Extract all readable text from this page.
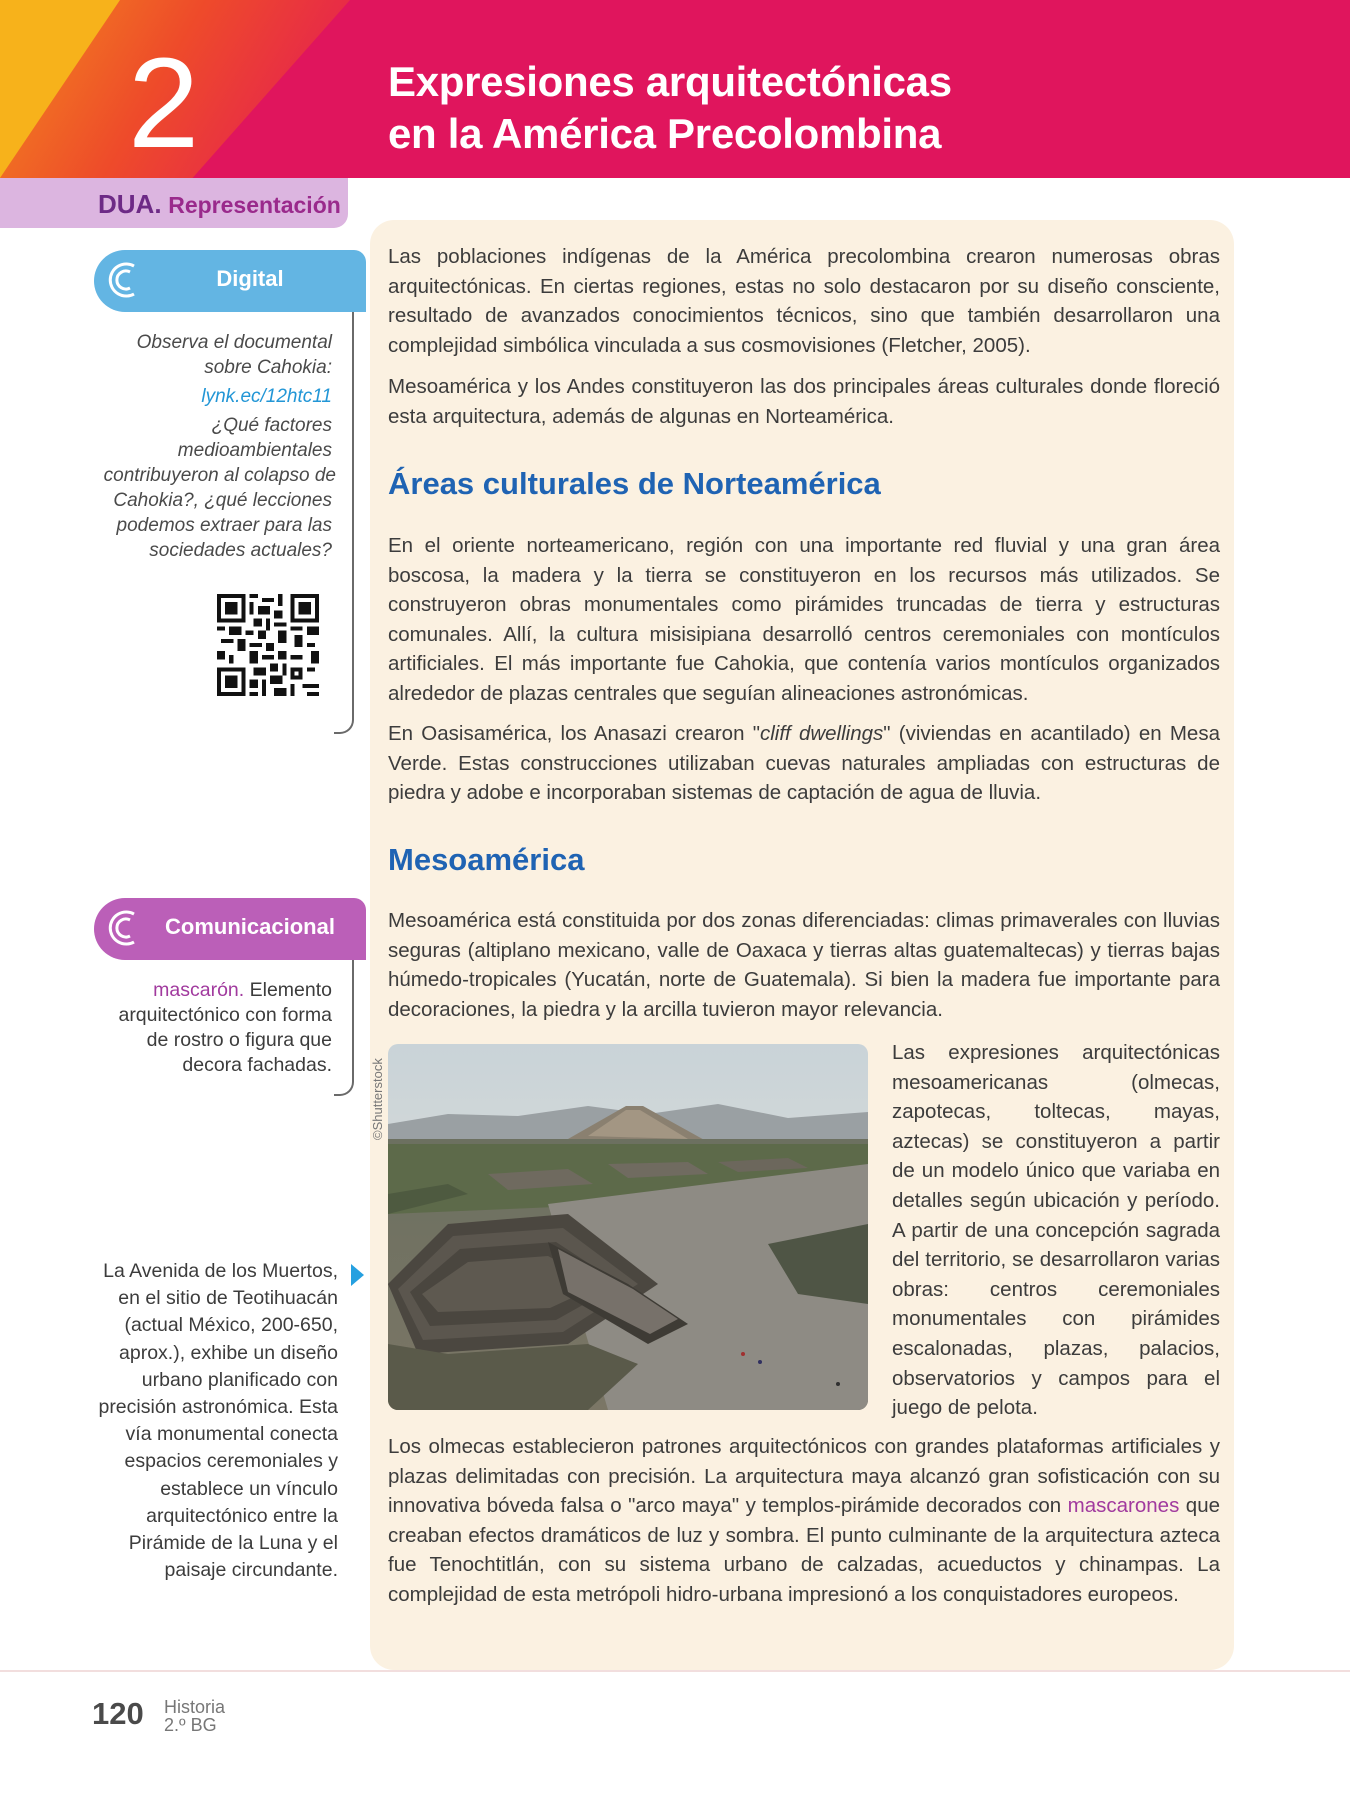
2	Expresiones arquitectónicas
en la América Precolombina
DUA. Representación
Digital
Observa el documental
sobre Cahokia:
lynk.ec/12htc11
¿Qué factores
medioambientales
contribuyeron al colapso de
Cahokia?, ¿qué lecciones
podemos extraer para las
sociedades actuales?
Comunicacional
mascarón. Elemento
arquitectónico con forma
de rostro o figura que
decora fachadas.

Las poblaciones indígenas de la América precolombina crearon numerosas obras arquitectónicas. En ciertas regiones, estas no solo destacaron por su diseño consciente, resultado de avanzados conocimientos técnicos, sino que también desarrollaron una complejidad simbólica vinculada a sus cosmovisiones (Fletcher, 2005).

Mesoamérica y los Andes constituyeron las dos principales áreas culturales donde floreció esta arquitectura, además de algunas en Norteamérica.

Áreas culturales de Norteamérica

En el oriente norteamericano, región con una importante red fluvial y una gran área boscosa, la madera y la tierra se constituyeron en los recursos más utilizados. Se construyeron obras monumentales como pirámides truncadas de tierra y estructuras comunales. Allí, la cultura misisipiana desarrolló centros ceremoniales con montículos artificiales. El más importante fue Cahokia, que contenía varios montículos organizados alrededor de plazas centrales que seguían alineaciones astronómicas.

En Oasisamérica, los Anasazi crearon "cliff dwellings" (viviendas en acantilado) en Mesa Verde. Estas construcciones utilizaban cuevas naturales ampliadas con estructuras de piedra y adobe e incorporaban sistemas de captación de agua de lluvia.

Mesoamérica

Mesoamérica está constituida por dos zonas diferenciadas: climas primaverales con lluvias seguras (altiplano mexicano, valle de Oaxaca y tierras altas guatemaltecas) y tierras bajas húmedo-tropicales (Yucatán, norte de Guatemala). Si bien la madera fue importante para decoraciones, la piedra y la arcilla tuvieron mayor relevancia.

©Shutterstock

Las expresiones arquitectónicas mesoamericanas (olmecas, zapotecas, toltecas, mayas, aztecas) se constituyeron a partir de un modelo único que variaba en detalles según ubicación y período. A partir de una concepción sagrada del territorio, se desarrollaron varias obras: centros ceremoniales monumentales con pirámides escalonadas, plazas, palacios, observatorios y campos para el juego de pelota.

Los olmecas establecieron patrones arquitectónicos con grandes plataformas artificiales y plazas delimitadas con precisión. La arquitectura maya alcanzó gran sofisticación con su innovativa bóveda falsa o "arco maya" y templos-pirámide decorados con mascarones que creaban efectos dramáticos de luz y sombra. El punto culminante de la arquitectura azteca fue Tenochtitlán, con su sistema urbano de calzadas, acueductos y chinampas. La complejidad de esta metrópoli hidro-urbana impresionó a los conquistadores europeos.

La Avenida de los Muertos, en el sitio de Teotihuacán (actual México, 200-650, aprox.), exhibe un diseño urbano planificado con precisión astronómica. Esta vía monumental conecta espacios ceremoniales y establece un vínculo arquitectónico entre la Pirámide de la Luna y el paisaje circundante.
120 Historia
2.º BG
